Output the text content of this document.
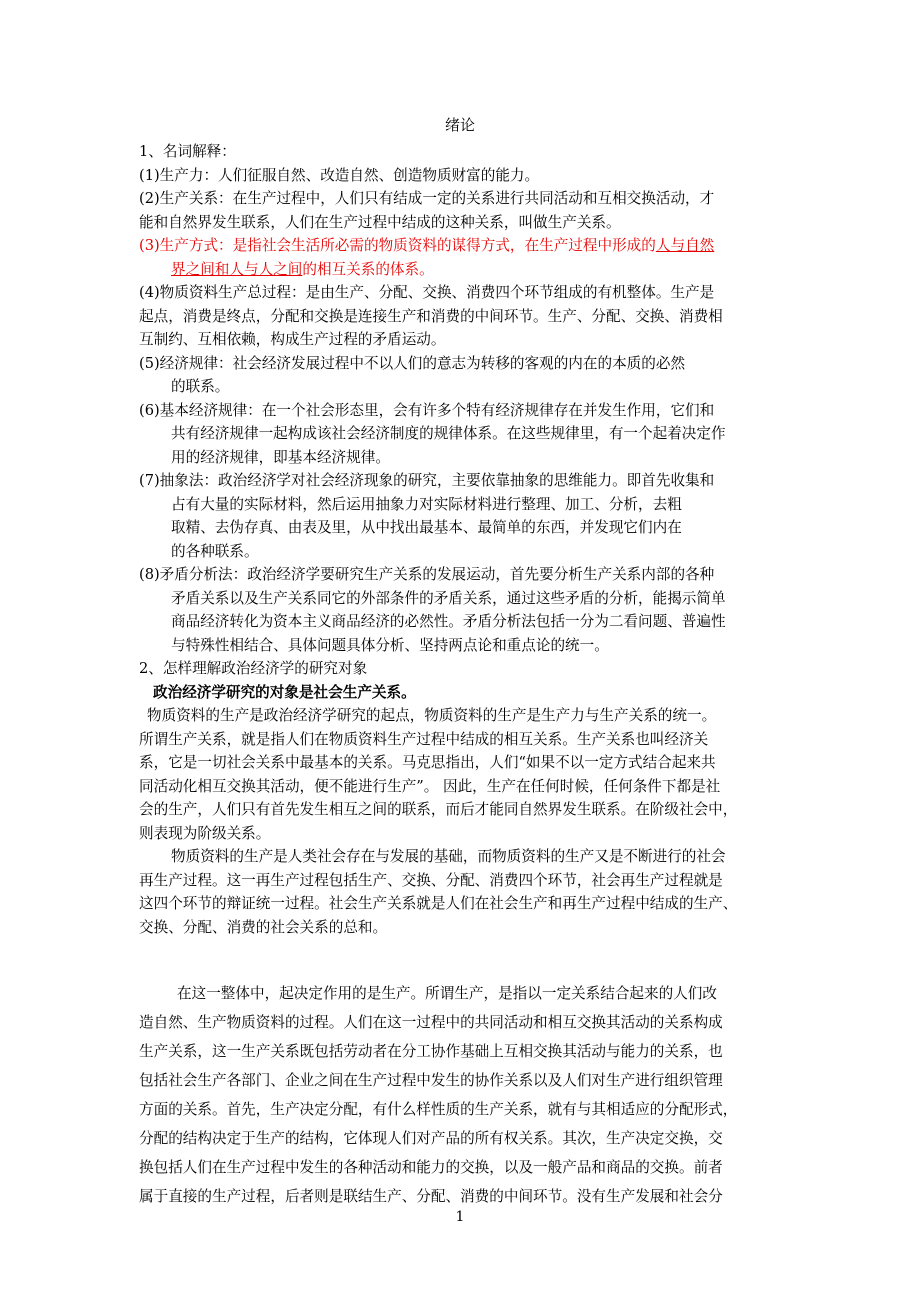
绪论
1、名词解释：
(1)生产力：人们征服自然、改造自然、创造物质财富的能力。
(2)生产关系：在生产过程中，人们只有结成一定的关系进行共同活动和互相交换活动，才
能和自然界发生联系，人们在生产过程中结成的这种关系，叫做生产关系。
(3)生产方式：是指社会生活所必需的物质资料的谋得方式，在生产过程中形成的人与自然
界之间和人与人之间的相互关系的体系。
(4)物质资料生产总过程：是由生产、分配、交换、消费四个环节组成的有机整体。生产是
起点，消费是终点，分配和交换是连接生产和消费的中间环节。生产、分配、交换、消费相
互制约、互相依赖，构成生产过程的矛盾运动。
(5)经济规律：社会经济发展过程中不以人们的意志为转移的客观的内在的本质的必然
的联系。
(6)基本经济规律：在一个社会形态里，会有许多个特有经济规律存在并发生作用，它们和
共有经济规律一起构成该社会经济制度的规律体系。在这些规律里，有一个起着决定作
用的经济规律，即基本经济规律。
(7)抽象法：政治经济学对社会经济现象的研究，主要依靠抽象的思维能力。即首先收集和
占有大量的实际材料，然后运用抽象力对实际材料进行整理、加工、分析，去粗
取精、去伪存真、由表及里，从中找出最基本、最简单的东西，并发现它们内在
的各种联系。
(8)矛盾分析法：政治经济学要研究生产关系的发展运动，首先要分析生产关系内部的各种
矛盾关系以及生产关系同它的外部条件的矛盾关系，通过这些矛盾的分析，能揭示简单
商品经济转化为资本主义商品经济的必然性。矛盾分析法包括一分为二看问题、普遍性
与特殊性相结合、具体问题具体分析、坚持两点论和重点论的统一。
2、怎样理解政治经济学的研究对象
政治经济学研究的对象是社会生产关系。
物质资料的生产是政治经济学研究的起点，物质资料的生产是生产力与生产关系的统一。
所谓生产关系，就是指人们在物质资料生产过程中结成的相互关系。生产关系也叫经济关
系，它是一切社会关系中最基本的关系。马克思指出，人们“如果不以一定方式结合起来共
同活动化相互交换其活动，便不能进行生产”。 因此，生产在任何时候，任何条件下都是社
会的生产，人们只有首先发生相互之间的联系，而后才能同自然界发生联系。在阶级社会中，
则表现为阶级关系。
物质资料的生产是人类社会存在与发展的基础，而物质资料的生产又是不断进行的社会
再生产过程。这一再生产过程包括生产、交换、分配、消费四个环节，社会再生产过程就是
这四个环节的辩证统一过程。社会生产关系就是人们在社会生产和再生产过程中结成的生产、
交换、分配、消费的社会关系的总和。
在这一整体中，起决定作用的是生产。所谓生产，是指以一定关系结合起来的人们改
造自然、生产物质资料的过程。人们在这一过程中的共同活动和相互交换其活动的关系构成
生产关系，这一生产关系既包括劳动者在分工协作基础上互相交换其活动与能力的关系，也
包括社会生产各部门、企业之间在生产过程中发生的协作关系以及人们对生产进行组织管理
方面的关系。首先，生产决定分配，有什么样性质的生产关系，就有与其相适应的分配形式，
分配的结构决定于生产的结构，它体现人们对产品的所有权关系。其次，生产决定交换，交
换包括人们在生产过程中发生的各种活动和能力的交换，以及一般产品和商品的交换。前者
属于直接的生产过程，后者则是联结生产、分配、消费的中间环节。没有生产发展和社会分
1
